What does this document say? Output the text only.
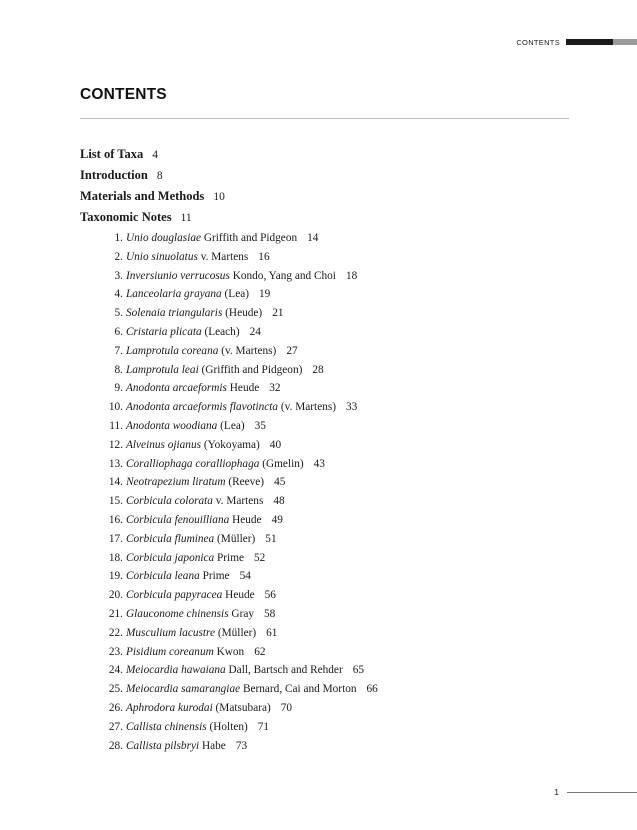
CONTENTS
CONTENTS
List of Taxa 4
Introduction 8
Materials and Methods 10
Taxonomic Notes 11
1. Unio douglasiae Griffith and Pidgeon 14
2. Unio sinuolatus v. Martens 16
3. Inversiunio verrucosus Kondo, Yang and Choi 18
4. Lanceolaria grayana (Lea) 19
5. Solenaia triangularis (Heude) 21
6. Cristaria plicata (Leach) 24
7. Lamprotula coreana (v. Martens) 27
8. Lamprotula leai (Griffith and Pidgeon) 28
9. Anodonta arcaeformis Heude 32
10. Anodonta arcaeformis flavotincta (v. Martens) 33
11. Anodonta woodiana (Lea) 35
12. Alveinus ojianus (Yokoyama) 40
13. Coralliophaga coralliophaga (Gmelin) 43
14. Neotrapezium liratum (Reeve) 45
15. Corbicula colorata v. Martens 48
16. Corbicula fenouilliana Heude 49
17. Corbicula fluminea (Müller) 51
18. Corbicula japonica Prime 52
19. Corbicula leana Prime 54
20. Corbicula papyracea Heude 56
21. Glauconome chinensis Gray 58
22. Musculium lacustre (Müller) 61
23. Pisidium coreanum Kwon 62
24. Meiocardia hawaiana Dall, Bartsch and Rehder 65
25. Meiocardia samarangiae Bernard, Cai and Morton 66
26. Aphrodora kurodai (Matsubara) 70
27. Callista chinensis (Holten) 71
28. Callista pilsbryi Habe 73
1
